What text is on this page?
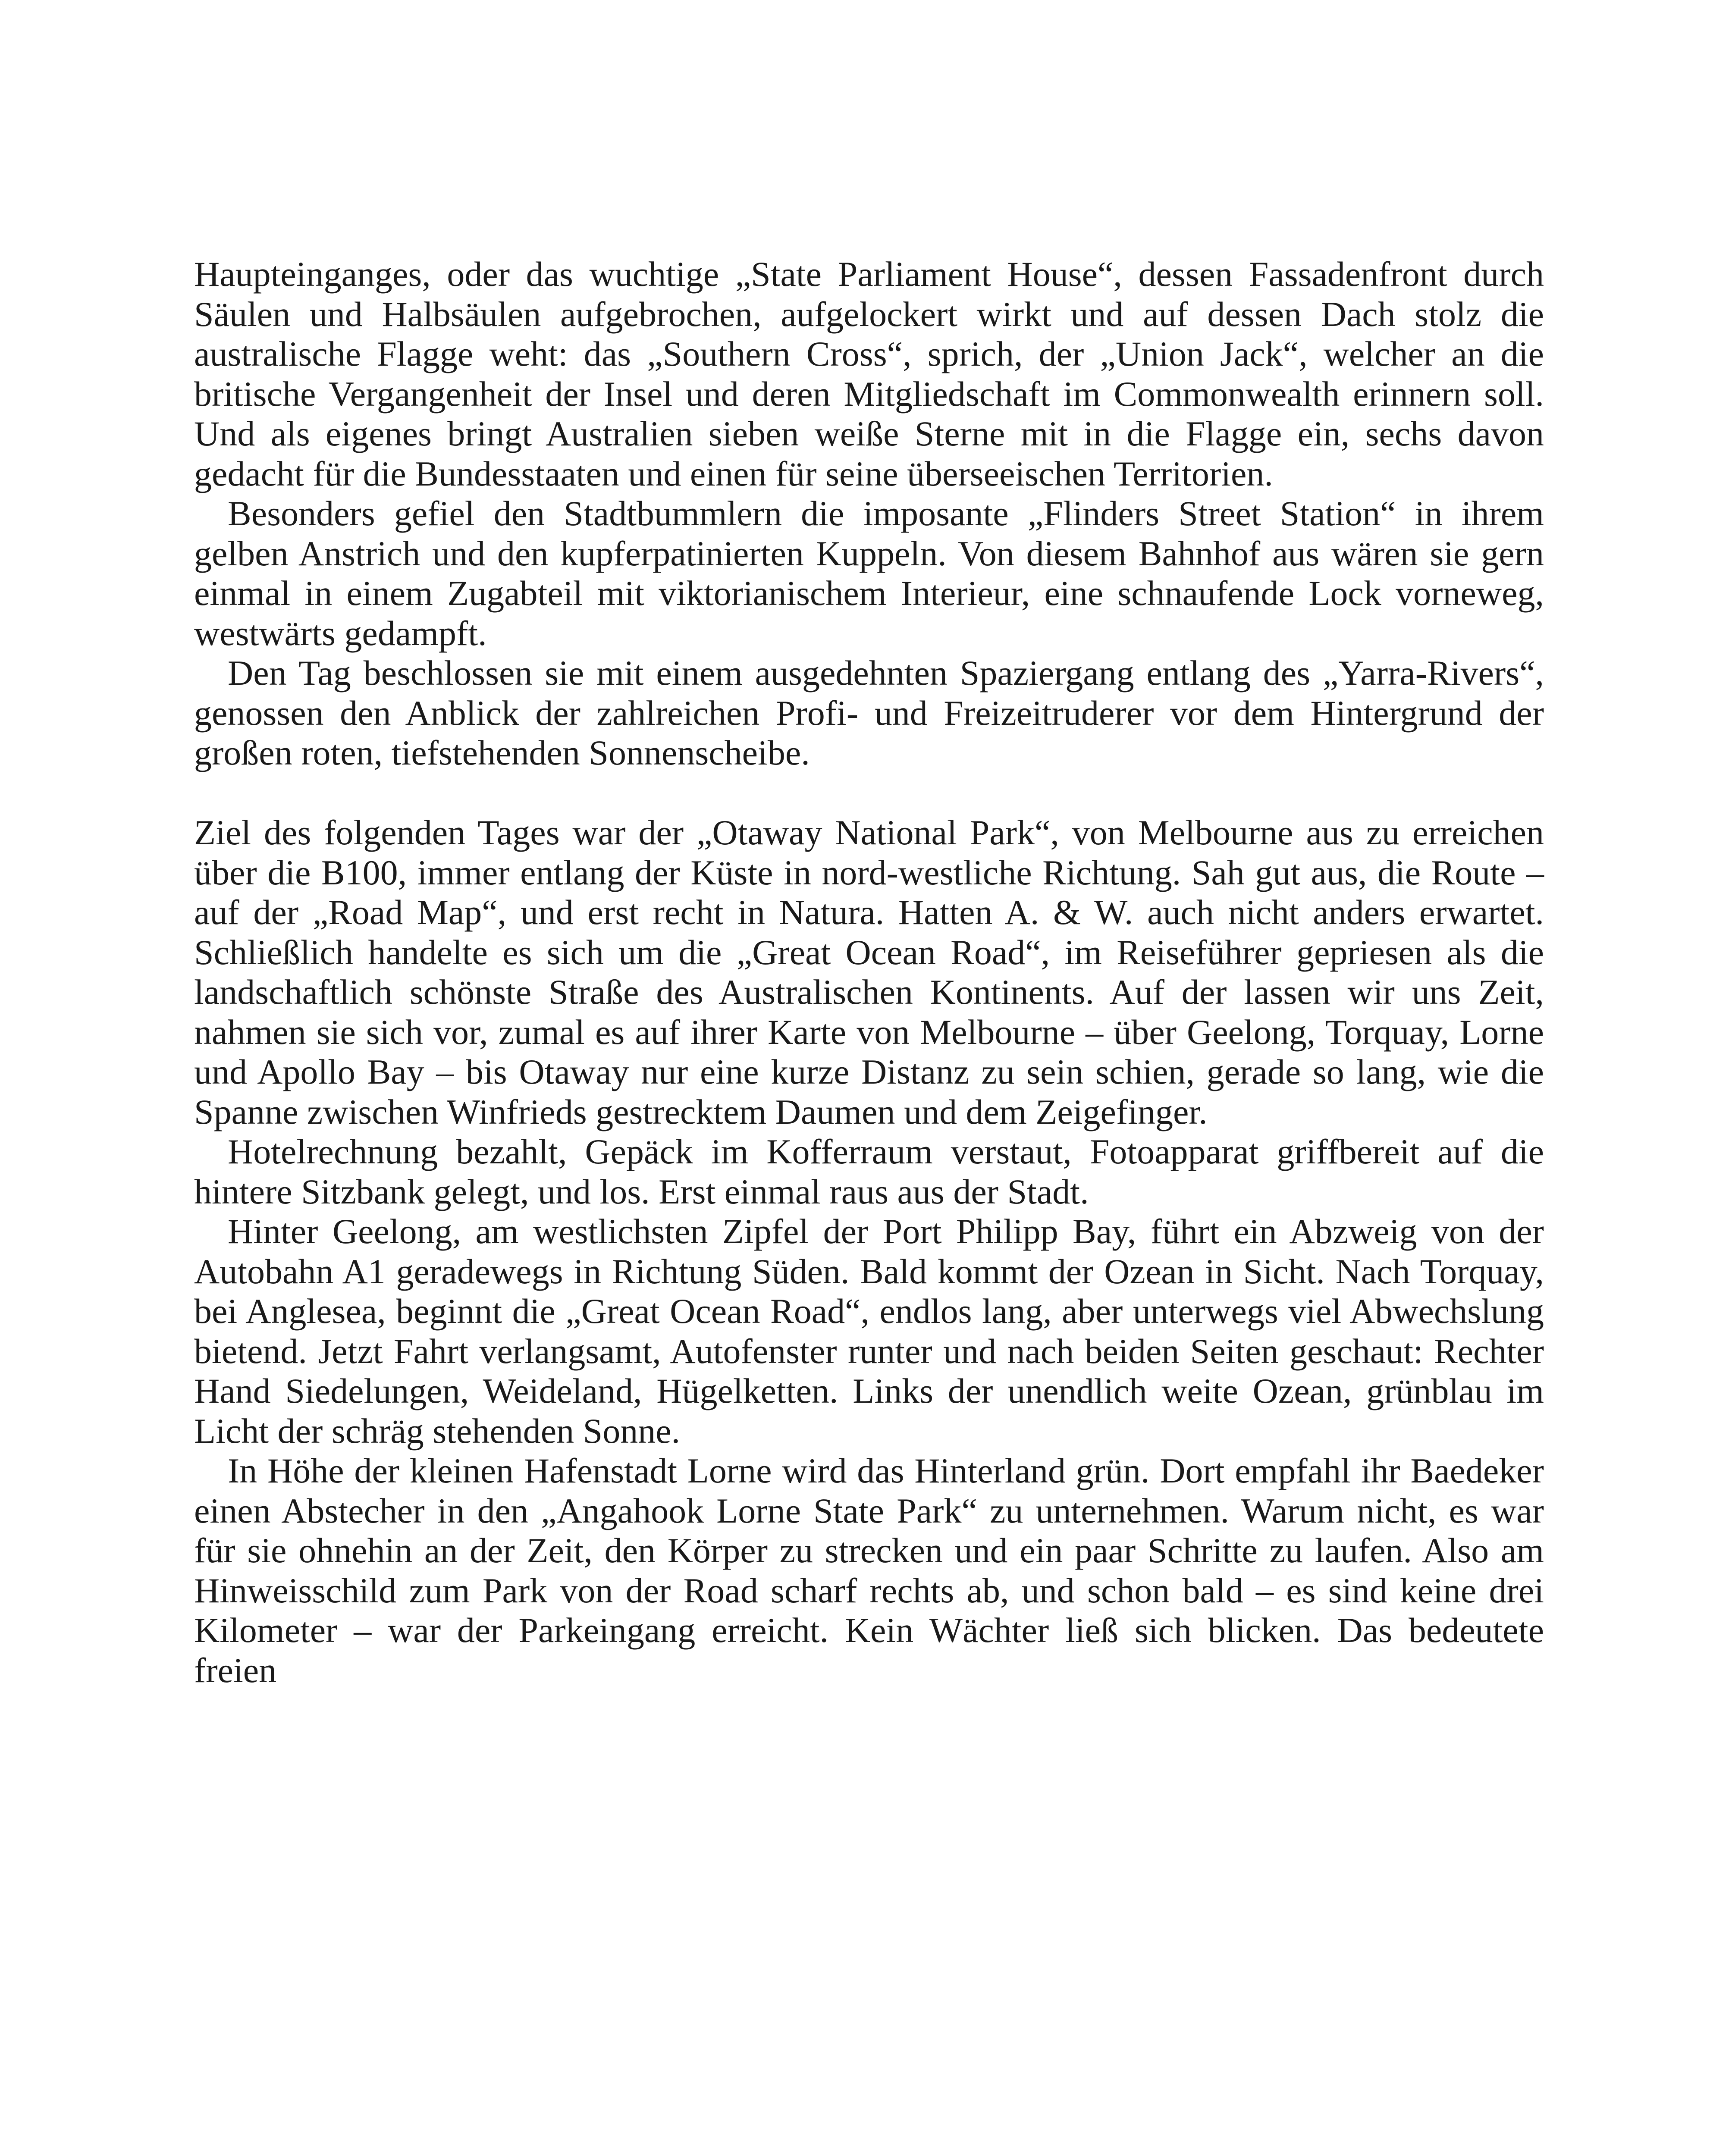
Haupteinganges, oder das wuchtige „State Parliament House“, dessen Fassadenfront durch Säulen und Halbsäulen aufgebrochen, aufgelockert wirkt und auf dessen Dach stolz die australische Flagge weht: das „Southern Cross“, sprich, der „Union Jack“, welcher an die britische Vergangenheit der Insel und deren Mitgliedschaft im Commonwealth erinnern soll. Und als eigenes bringt Australien sieben weiße Sterne mit in die Flagge ein, sechs davon gedacht für die Bundesstaaten und einen für seine überseeischen Territorien.

Besonders gefiel den Stadtbummlern die imposante „Flinders Street Station“ in ihrem gelben Anstrich und den kupferpatinierten Kuppeln. Von diesem Bahnhof aus wären sie gern einmal in einem Zugabteil mit viktorianischem Interieur, eine schnaufende Lock vorneweg, westwärts gedampft.

Den Tag beschlossen sie mit einem ausgedehnten Spaziergang entlang des „Yarra-Rivers“, genossen den Anblick der zahlreichen Profi- und Freizeitruderer vor dem Hintergrund der großen roten, tiefstehenden Sonnenscheibe.

Ziel des folgenden Tages war der „Otaway National Park“, von Melbourne aus zu erreichen über die B100, immer entlang der Küste in nord-westliche Richtung. Sah gut aus, die Route – auf der „Road Map“, und erst recht in Natura. Hatten A. & W. auch nicht anders erwartet. Schließlich handelte es sich um die „Great Ocean Road“, im Reiseführer gepriesen als die landschaftlich schönste Straße des Australischen Kontinents. Auf der lassen wir uns Zeit, nahmen sie sich vor, zumal es auf ihrer Karte von Melbourne – über Geelong, Torquay, Lorne und Apollo Bay – bis Otaway nur eine kurze Distanz zu sein schien, gerade so lang, wie die Spanne zwischen Winfrieds gestrecktem Daumen und dem Zeigefinger.

Hotelrechnung bezahlt, Gepäck im Kofferraum verstaut, Fotoapparat griffbereit auf die hintere Sitzbank gelegt, und los. Erst einmal raus aus der Stadt.

Hinter Geelong, am westlichsten Zipfel der Port Philipp Bay, führt ein Abzweig von der Autobahn A1 geradewegs in Richtung Süden. Bald kommt der Ozean in Sicht. Nach Torquay, bei Anglesea, beginnt die „Great Ocean Road“, endlos lang, aber unterwegs viel Abwechslung bietend. Jetzt Fahrt verlangsamt, Autofenster runter und nach beiden Seiten geschaut: Rechter Hand Siedelungen, Weideland, Hügelketten. Links der unendlich weite Ozean, grünblau im Licht der schräg stehenden Sonne.

In Höhe der kleinen Hafenstadt Lorne wird das Hinterland grün. Dort empfahl ihr Baedeker einen Abstecher in den „Angahook Lorne State Park“ zu unternehmen. Warum nicht, es war für sie ohnehin an der Zeit, den Körper zu strecken und ein paar Schritte zu laufen. Also am Hinweisschild zum Park von der Road scharf rechts ab, und schon bald – es sind keine drei Kilometer – war der Parkeingang erreicht. Kein Wächter ließ sich blicken. Das bedeutete freien
